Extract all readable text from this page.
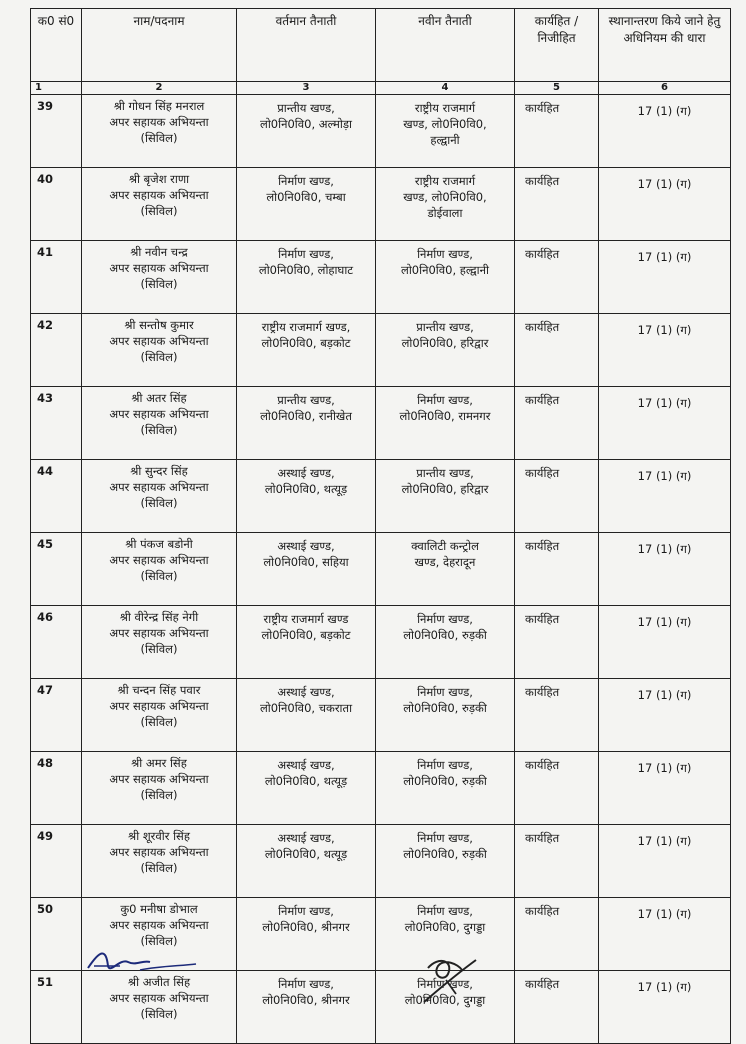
क0 सं0	नाम/पदनाम	वर्तमान तैनाती	नवीन तैनाती	कार्यहित / निजीहित	स्थानान्तरण किये जाने हेतु अधिनियम की धारा
1	2	3	4	5	6
39	श्री गोधन सिंह मनराल
अपर सहायक अभियन्ता
(सिविल)	प्रान्तीय खण्ड,
लो0नि0वि0, अल्मोड़ा	राष्ट्रीय राजमार्ग
खण्ड, लो0नि0वि0,
हल्द्वानी	कार्यहित	17 (1) (ग)
40	श्री बृजेश राणा
अपर सहायक अभियन्ता
(सिविल)	निर्माण खण्ड,
लो0नि0वि0, चम्बा	राष्ट्रीय राजमार्ग
खण्ड, लो0नि0वि0,
डोईवाला	कार्यहित	17 (1) (ग)
41	श्री नवीन चन्द्र
अपर सहायक अभियन्ता
(सिविल)	निर्माण खण्ड,
लो0नि0वि0, लोहाघाट	निर्माण खण्ड,
लो0नि0वि0, हल्द्वानी	कार्यहित	17 (1) (ग)
42	श्री सन्तोष कुमार
अपर सहायक अभियन्ता
(सिविल)	राष्ट्रीय राजमार्ग खण्ड,
लो0नि0वि0, बड़कोट	प्रान्तीय खण्ड,
लो0नि0वि0, हरिद्वार	कार्यहित	17 (1) (ग)
43	श्री अतर सिंह
अपर सहायक अभियन्ता
(सिविल)	प्रान्तीय खण्ड,
लो0नि0वि0, रानीखेत	निर्माण खण्ड,
लो0नि0वि0, रामनगर	कार्यहित	17 (1) (ग)
44	श्री सुन्दर सिंह
अपर सहायक अभियन्ता
(सिविल)	अस्थाई खण्ड,
लो0नि0वि0, थत्यूड़	प्रान्तीय खण्ड,
लो0नि0वि0, हरिद्वार	कार्यहित	17 (1) (ग)
45	श्री पंकज बडोनी
अपर सहायक अभियन्ता
(सिविल)	अस्थाई खण्ड,
लो0नि0वि0, सहिया	क्वालिटी कन्ट्रोल
खण्ड, देहरादून	कार्यहित	17 (1) (ग)
46	श्री वीरेन्द्र सिंह नेगी
अपर सहायक अभियन्ता
(सिविल)	राष्ट्रीय राजमार्ग खण्ड
लो0नि0वि0, बड़कोट	निर्माण खण्ड,
लो0नि0वि0, रुड़की	कार्यहित	17 (1) (ग)
47	श्री चन्दन सिंह पवार
अपर सहायक अभियन्ता
(सिविल)	अस्थाई खण्ड,
लो0नि0वि0, चकराता	निर्माण खण्ड,
लो0नि0वि0, रुड़की	कार्यहित	17 (1) (ग)
48	श्री अमर सिंह
अपर सहायक अभियन्ता
(सिविल)	अस्थाई खण्ड,
लो0नि0वि0, थत्यूड़	निर्माण खण्ड,
लो0नि0वि0, रुड़की	कार्यहित	17 (1) (ग)
49	श्री शूरवीर सिंह
अपर सहायक अभियन्ता
(सिविल)	अस्थाई खण्ड,
लो0नि0वि0, थत्यूड़	निर्माण खण्ड,
लो0नि0वि0, रुड़की	कार्यहित	17 (1) (ग)
50	कु0 मनीषा डोभाल
अपर सहायक अभियन्ता
(सिविल)	निर्माण खण्ड,
लो0नि0वि0, श्रीनगर	निर्माण खण्ड,
लो0नि0वि0, दुगड्डा	कार्यहित	17 (1) (ग)
51	श्री अजीत सिंह
अपर सहायक अभियन्ता
(सिविल)	निर्माण खण्ड,
लो0नि0वि0, श्रीनगर	निर्माण खण्ड,
लो0नि0वि0, दुगड्डा	कार्यहित	17 (1) (ग)
